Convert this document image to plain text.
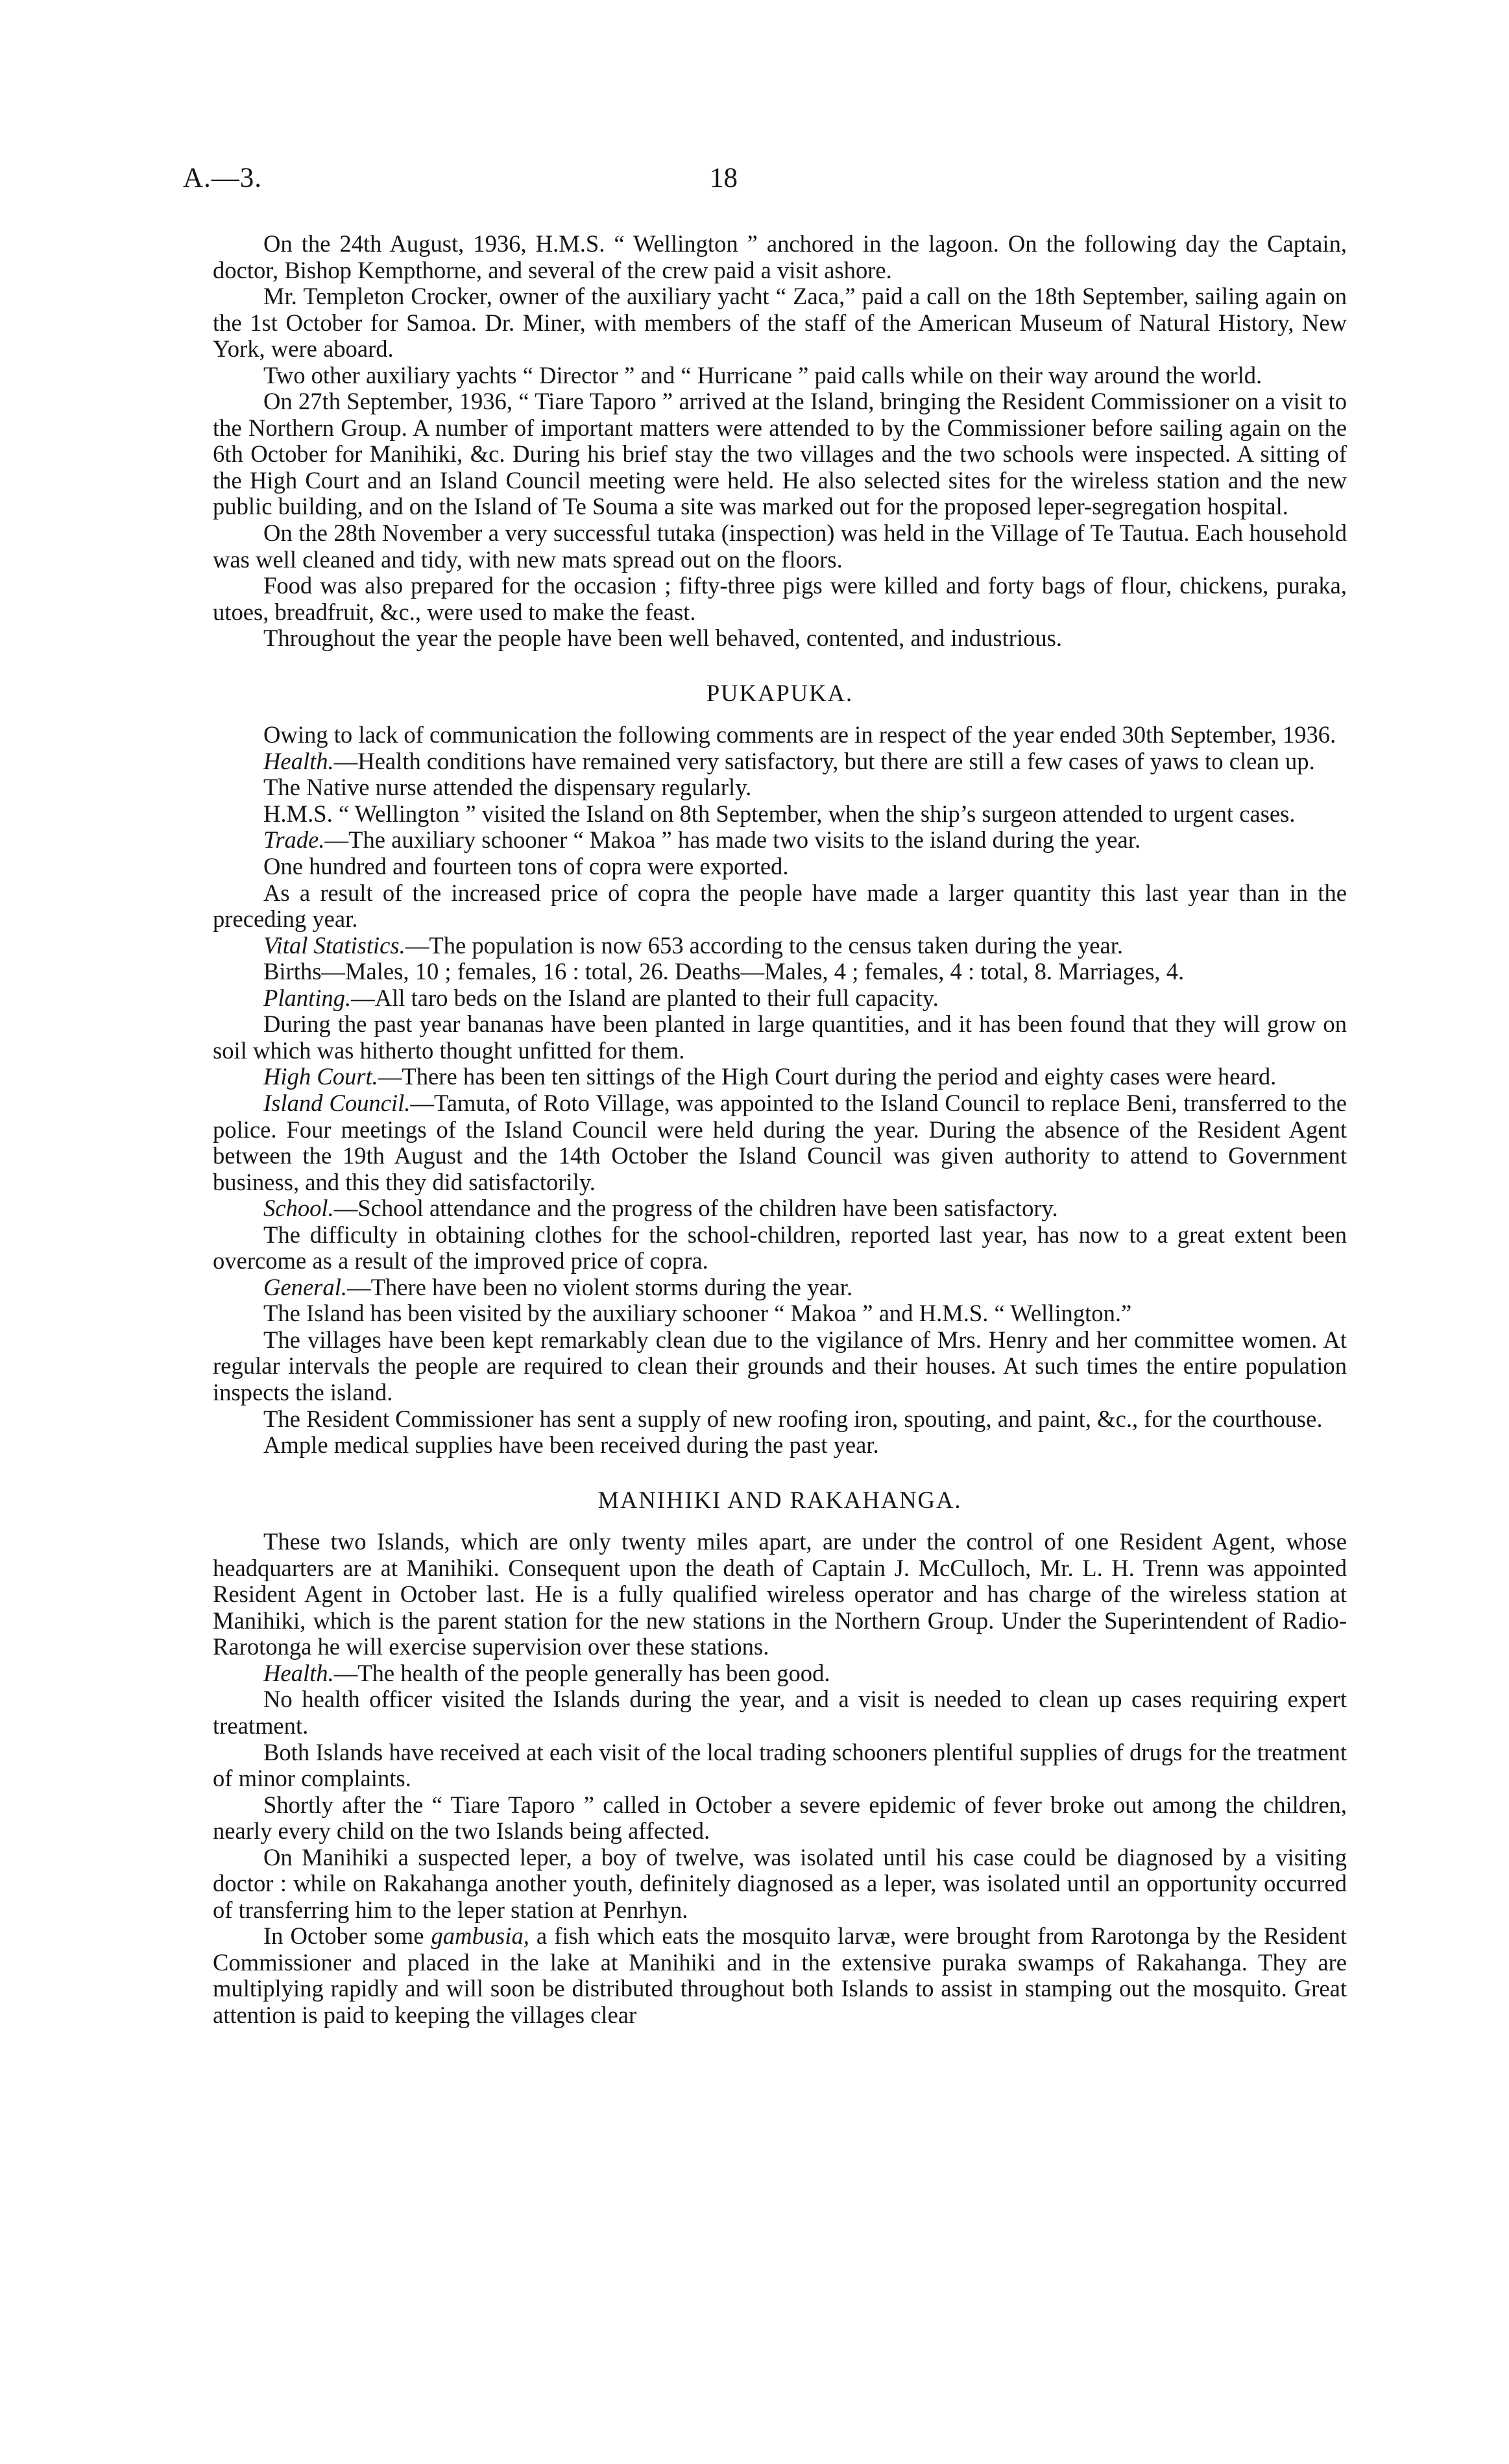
A.—3.	18

On the 24th August, 1936, H.M.S. “ Wellington ” anchored in the lagoon. On the following day the Captain, doctor, Bishop Kempthorne, and several of the crew paid a visit ashore.

Mr. Templeton Crocker, owner of the auxiliary yacht “ Zaca,” paid a call on the 18th September, sailing again on the 1st October for Samoa. Dr. Miner, with members of the staff of the American Museum of Natural History, New York, were aboard.

Two other auxiliary yachts “ Director ” and “ Hurricane ” paid calls while on their way around the world.

On 27th September, 1936, “ Tiare Taporo ” arrived at the Island, bringing the Resident Commissioner on a visit to the Northern Group. A number of important matters were attended to by the Commissioner before sailing again on the 6th October for Manihiki, &c. During his brief stay the two villages and the two schools were inspected. A sitting of the High Court and an Island Council meeting were held. He also selected sites for the wireless station and the new public building, and on the Island of Te Souma a site was marked out for the proposed leper-segregation hospital.

On the 28th November a very successful tutaka (inspection) was held in the Village of Te Tautua. Each household was well cleaned and tidy, with new mats spread out on the floors.

Food was also prepared for the occasion ; fifty-three pigs were killed and forty bags of flour, chickens, puraka, utoes, breadfruit, &c., were used to make the feast.

Throughout the year the people have been well behaved, contented, and industrious.

PUKAPUKA.

Owing to lack of communication the following comments are in respect of the year ended 30th September, 1936.

Health.—Health conditions have remained very satisfactory, but there are still a few cases of yaws to clean up.

The Native nurse attended the dispensary regularly.

H.M.S. “ Wellington ” visited the Island on 8th September, when the ship’s surgeon attended to urgent cases.

Trade.—The auxiliary schooner “ Makoa ” has made two visits to the island during the year.

One hundred and fourteen tons of copra were exported.

As a result of the increased price of copra the people have made a larger quantity this last year than in the preceding year.

Vital Statistics.—The population is now 653 according to the census taken during the year.

Births—Males, 10 ; females, 16 : total, 26. Deaths—Males, 4 ; females, 4 : total, 8. Marriages, 4.

Planting.—All taro beds on the Island are planted to their full capacity.

During the past year bananas have been planted in large quantities, and it has been found that they will grow on soil which was hitherto thought unfitted for them.

High Court.—There has been ten sittings of the High Court during the period and eighty cases were heard.

Island Council.—Tamuta, of Roto Village, was appointed to the Island Council to replace Beni, transferred to the police. Four meetings of the Island Council were held during the year. During the absence of the Resident Agent between the 19th August and the 14th October the Island Council was given authority to attend to Government business, and this they did satisfactorily.

School.—School attendance and the progress of the children have been satisfactory.

The difficulty in obtaining clothes for the school-children, reported last year, has now to a great extent been overcome as a result of the improved price of copra.

General.—There have been no violent storms during the year.

The Island has been visited by the auxiliary schooner “ Makoa ” and H.M.S. “ Wellington.”

The villages have been kept remarkably clean due to the vigilance of Mrs. Henry and her committee women. At regular intervals the people are required to clean their grounds and their houses. At such times the entire population inspects the island.

The Resident Commissioner has sent a supply of new roofing iron, spouting, and paint, &c., for the courthouse.

Ample medical supplies have been received during the past year.

MANIHIKI AND RAKAHANGA.

These two Islands, which are only twenty miles apart, are under the control of one Resident Agent, whose headquarters are at Manihiki. Consequent upon the death of Captain J. McCulloch, Mr. L. H. Trenn was appointed Resident Agent in October last. He is a fully qualified wireless operator and has charge of the wireless station at Manihiki, which is the parent station for the new stations in the Northern Group. Under the Superintendent of Radio-Rarotonga he will exercise supervision over these stations.

Health.—The health of the people generally has been good.

No health officer visited the Islands during the year, and a visit is needed to clean up cases requiring expert treatment.

Both Islands have received at each visit of the local trading schooners plentiful supplies of drugs for the treatment of minor complaints.

Shortly after the “ Tiare Taporo ” called in October a severe epidemic of fever broke out among the children, nearly every child on the two Islands being affected.

On Manihiki a suspected leper, a boy of twelve, was isolated until his case could be diagnosed by a visiting doctor : while on Rakahanga another youth, definitely diagnosed as a leper, was isolated until an opportunity occurred of transferring him to the leper station at Penrhyn.

In October some gambusia, a fish which eats the mosquito larvæ, were brought from Rarotonga by the Resident Commissioner and placed in the lake at Manihiki and in the extensive puraka swamps of Rakahanga. They are multiplying rapidly and will soon be distributed throughout both Islands to assist in stamping out the mosquito. Great attention is paid to keeping the villages clear
